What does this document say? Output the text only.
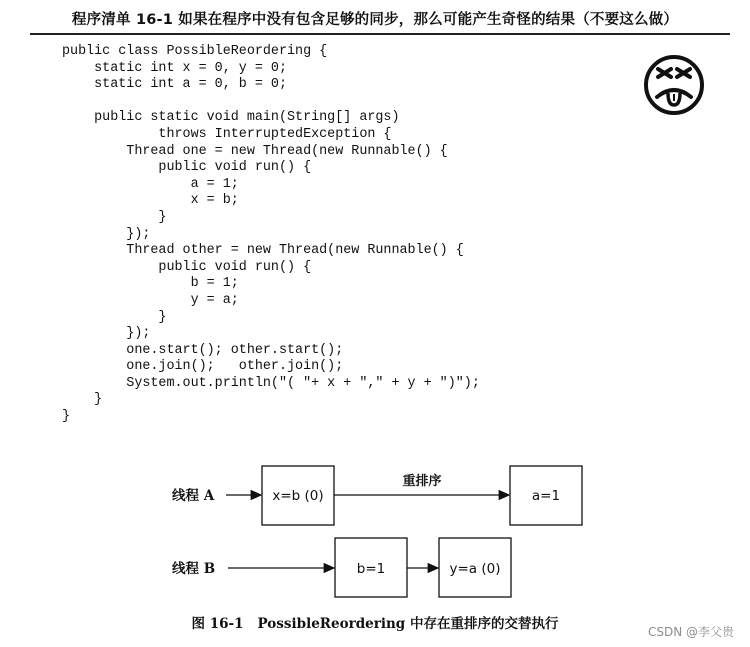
程序清单 16-1 如果在程序中没有包含足够的同步，那么可能产生奇怪的结果（不要这么做）
public class PossibleReordering {
static int x = 0, y = 0;
static int a = 0, b = 0;

public static void main(String[] args)
throws InterruptedException {
Thread one = new Thread(new Runnable() {
public void run() {
a = 1;
x = b;
}
});
Thread other = new Thread(new Runnable() {
public void run() {
b = 1;
y = a;
}
});
one.start(); other.start();
one.join();   other.join();
System.out.println("( "+ x + "," + y + ")");
}
}
线程 A	x=b (0)
重排序
a=1
线程 B	b=1	y=a (0)
图 16-1 PossibleReordering 中存在重排序的交替执行	CSDN @李父贵
